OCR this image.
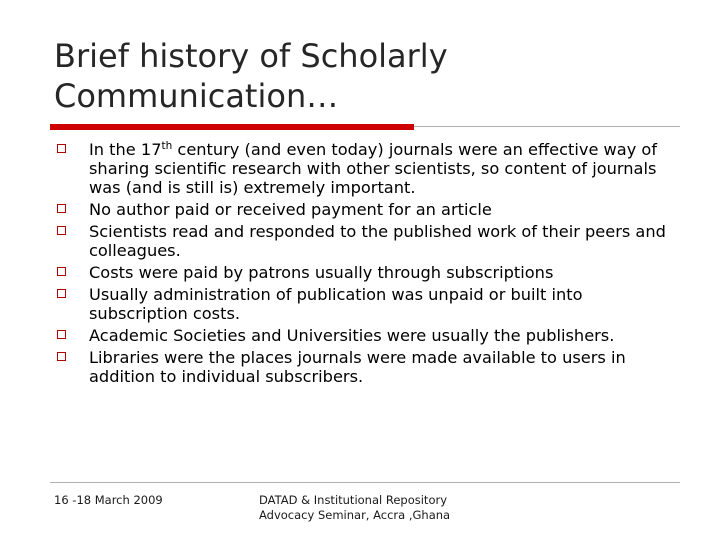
Brief history of Scholarly Communication…
In the 17th century (and even today) journals were an effective way of sharing scientific research with other scientists, so content of journals was (and is still is) extremely important.
No author paid or received payment for an article
Scientists read and responded to the published work of their peers and colleagues.
Costs were paid by patrons usually through subscriptions
Usually administration of publication was unpaid or built into subscription costs.
Academic Societies and Universities were usually the publishers.
Libraries were the places journals were made available to users in addition to individual subscribers.
16 -18 March 2009	DATAD & Institutional Repository
Advocacy Seminar, Accra ,Ghana
